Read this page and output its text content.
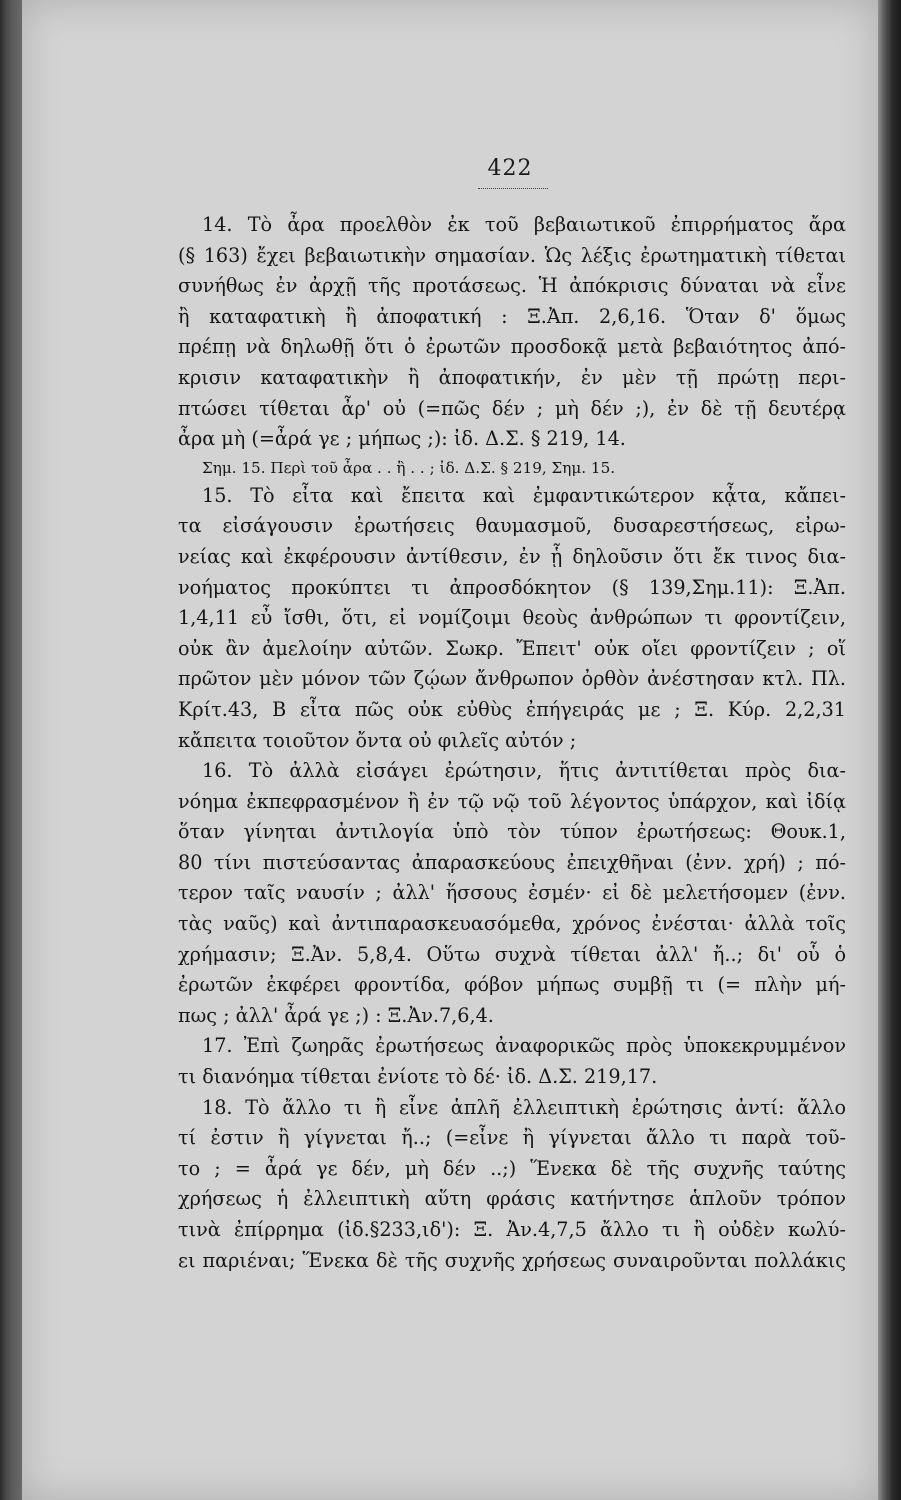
422
14. Τὸ ἆρα προελθὸν ἐκ τοῦ βεβαιωτικοῦ ἐπιρρήματος ἄρα
(§ 163) ἔχει βεβαιωτικὴν σημασίαν. Ὡς λέξις ἐρωτηματικὴ τίθεται
συνήθως ἐν ἀρχῇ τῆς προτάσεως. Ἡ ἀπόκρισις δύναται νὰ εἶνε
ἢ καταφατικὴ ἢ ἀποφατική : Ξ.Ἀπ. 2,6,16. Ὅταν δ' ὅμως
πρέπῃ νὰ δηλωθῇ ὅτι ὁ ἐρωτῶν προσδοκᾷ μετὰ βεβαιότητος ἀπό-
κρισιν καταφατικὴν ἢ ἀποφατικήν, ἐν μὲν τῇ πρώτῃ περι-
πτώσει τίθεται ἆρ' οὐ (=πῶς δέν ; μὴ δέν ;), ἐν δὲ τῇ δευτέρᾳ
ἆρα μὴ (=ἆρά γε ; μήπως ;): ἰδ. Δ.Σ. § 219, 14.
Σημ. 15. Περὶ τοῦ ἆρα . . ἢ . . ; ἰδ. Δ.Σ. § 219, Σημ. 15.
15. Τὸ εἶτα καὶ ἔπειτα καὶ ἐμφαντικώτερον κᾆτα, κἄπει-
τα εἰσάγουσιν ἐρωτήσεις θαυμασμοῦ, δυσαρεστήσεως, εἰρω-
νείας καὶ ἐκφέρουσιν ἀντίθεσιν, ἐν ᾗ δηλοῦσιν ὅτι ἔκ τινος δια-
νοήματος προκύπτει τι ἀπροσδόκητον (§ 139,Σημ.11): Ξ.Ἀπ.
1,4,11 εὖ ἴσθι, ὅτι, εἰ νομίζοιμι θεοὺς ἀνθρώπων τι φροντίζειν,
οὐκ ἂν ἀμελοίην αὐτῶν. Σωκρ. Ἔπειτ' οὐκ οἴει φροντίζειν ; οἵ
πρῶτον μὲν μόνον τῶν ζῴων ἄνθρωπον ὀρθὸν ἀνέστησαν κτλ. Πλ.
Κρίτ.43, Β εἶτα πῶς οὐκ εὐθὺς ἐπήγειράς με ; Ξ. Κύρ. 2,2,31
κἄπειτα τοιοῦτον ὄντα οὐ φιλεῖς αὐτόν ;
16. Τὸ ἀλλὰ εἰσάγει ἐρώτησιν, ἥτις ἀντιτίθεται πρὸς δια-
νόημα ἐκπεφρασμένον ἢ ἐν τῷ νῷ τοῦ λέγοντος ὑπάρχον, καὶ ἰδίᾳ
ὅταν γίνηται ἀντιλογία ὑπὸ τὸν τύπον ἐρωτήσεως: Θουκ.1,
80 τίνι πιστεύσαντας ἀπαρασκεύους ἐπειχθῆναι (ἐνν. χρή) ; πό-
τερον ταῖς ναυσίν ; ἀλλ' ἥσσους ἐσμέν· εἰ δὲ μελετήσομεν (ἐνν.
τὰς ναῦς) καὶ ἀντιπαρασκευασόμεθα, χρόνος ἐνέσται· ἀλλὰ τοῖς
χρήμασιν; Ξ.Ἀν. 5,8,4. Οὕτω συχνὰ τίθεται ἀλλ' ἤ..; δι' οὗ ὁ
ἐρωτῶν ἐκφέρει φροντίδα, φόβον μήπως συμβῇ τι (= πλὴν μή-
πως ; ἀλλ' ἆρά γε ;) : Ξ.Ἀν.7,6,4.
17. Ἐπὶ ζωηρᾶς ἐρωτήσεως ἀναφορικῶς πρὸς ὑποκεκρυμμένον
τι διανόημα τίθεται ἐνίοτε τὸ δέ· ἰδ. Δ.Σ. 219,17.
18. Τὸ ἄλλο τι ἢ εἶνε ἁπλῆ ἐλλειπτικὴ ἐρώτησις ἀντί: ἄλλο
τί ἐστιν ἢ γίγνεται ἤ..; (=εἶνε ἢ γίγνεται ἄλλο τι παρὰ τοῦ-
το ; = ἆρά γε δέν, μὴ δέν ..;) Ἕνεκα δὲ τῆς συχνῆς ταύτης
χρήσεως ἡ ἐλλειπτικὴ αὕτη φράσις κατήντησε ἁπλοῦν τρόπον
τινὰ ἐπίρρημα (ἰδ.§233,ιδ'): Ξ. Ἀν.4,7,5 ἄλλο τι ἢ οὐδὲν κωλύ-
ει παριέναι; Ἕνεκα δὲ τῆς συχνῆς χρήσεως συναιροῦνται πολλάκις
